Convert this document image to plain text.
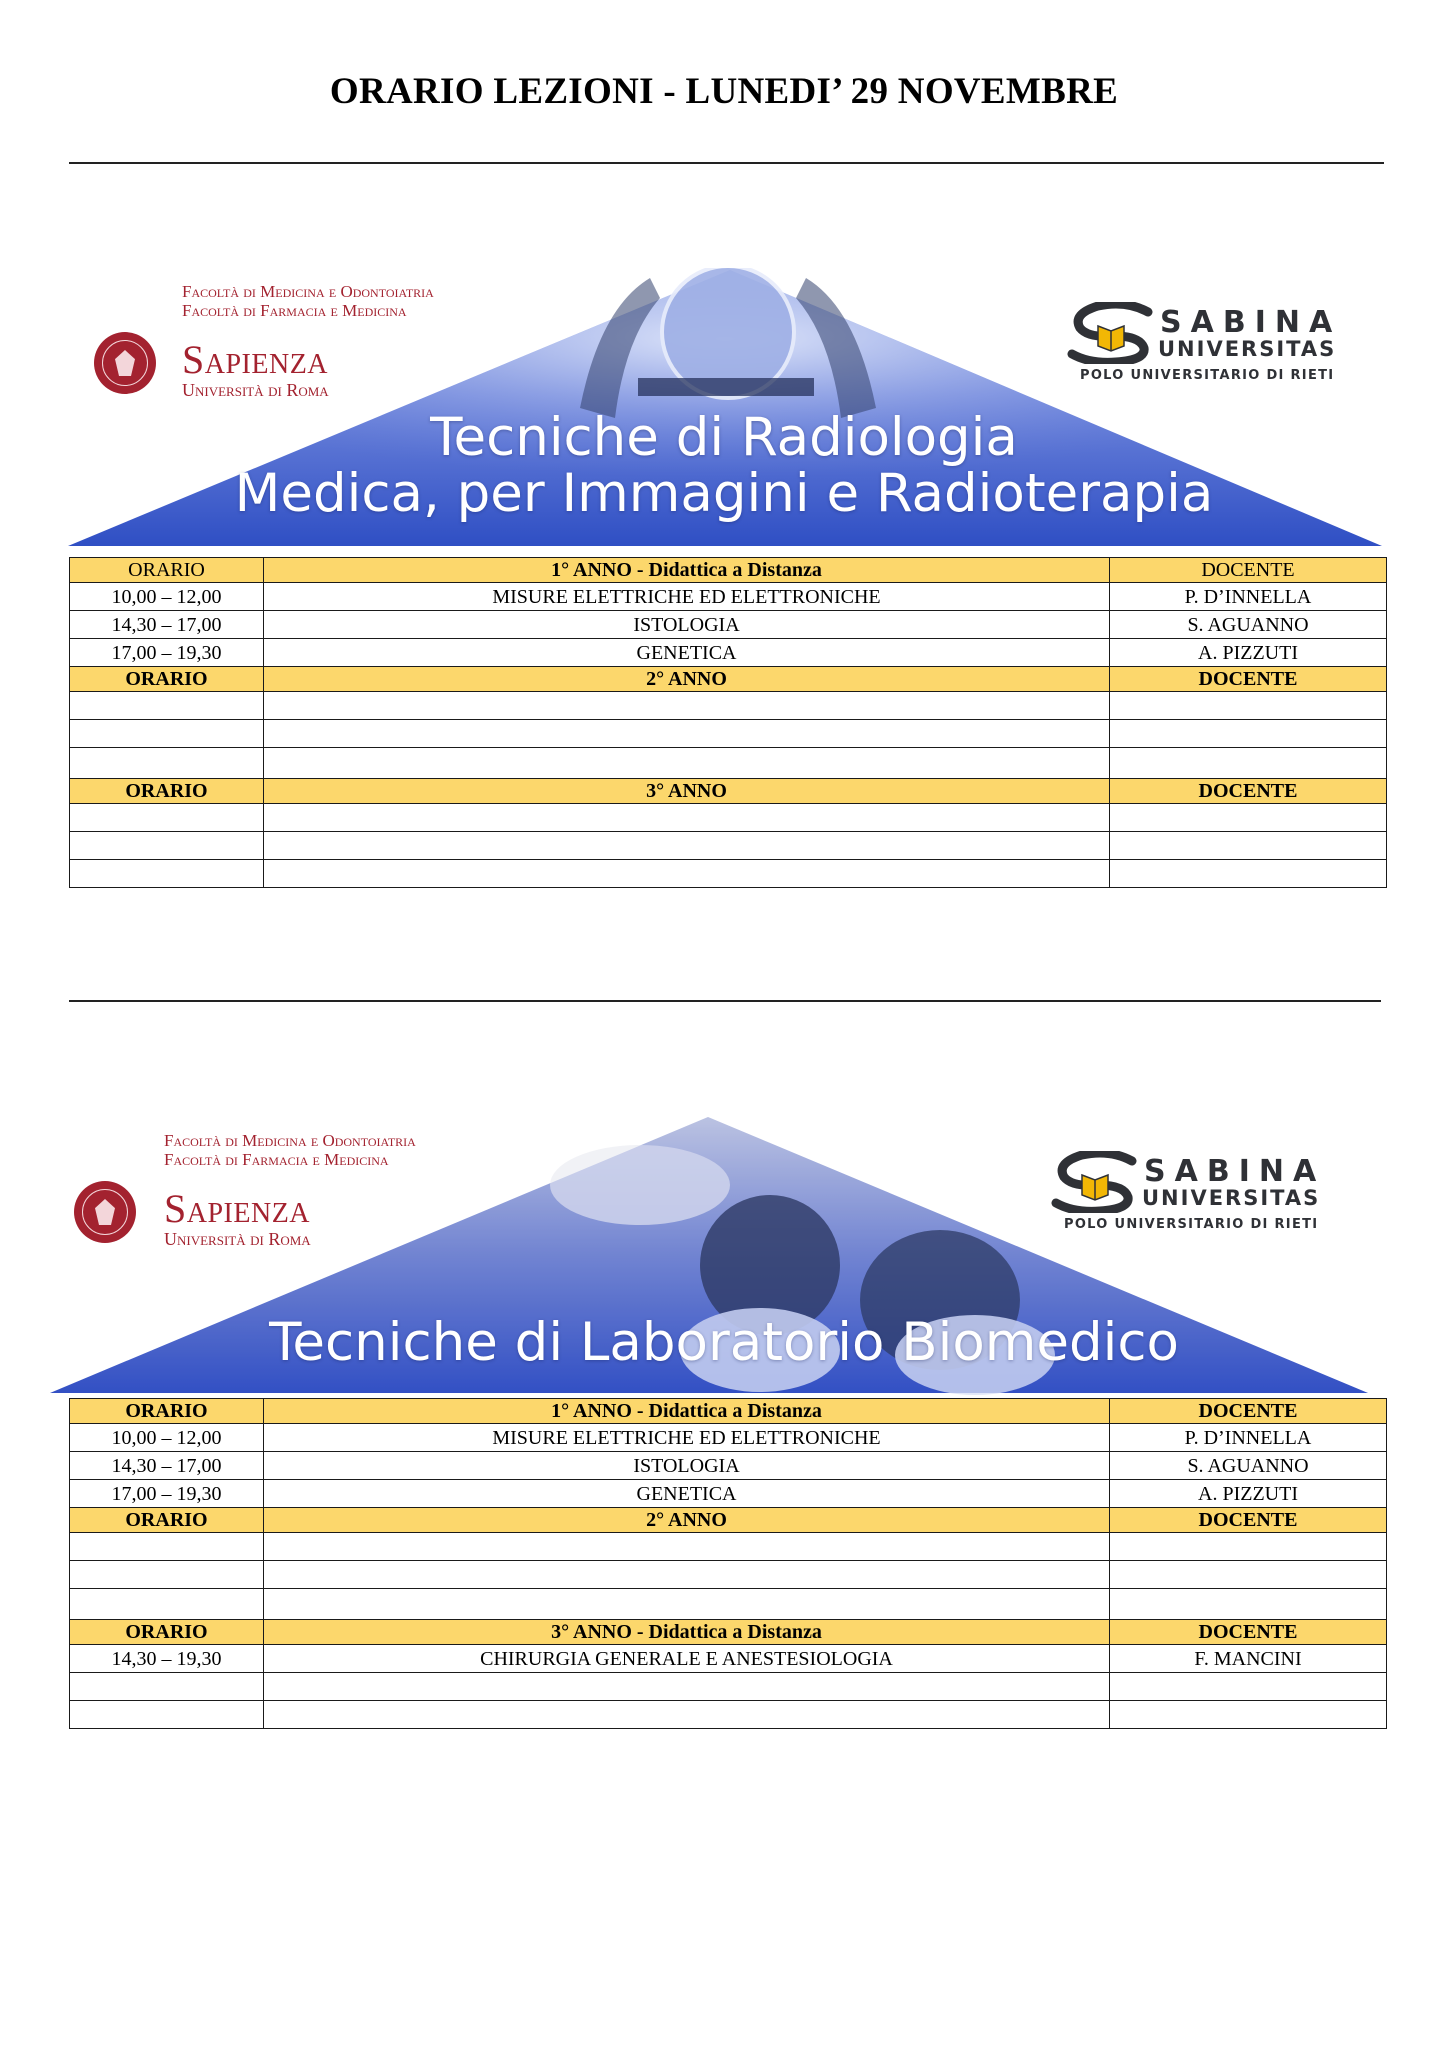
ORARIO LEZIONI - LUNEDI’ 29 NOVEMBRE
Tecniche di Radiologia
Medica, per Immagini e Radioterapia
Facoltà di Medicina e Odontoiatria
Facoltà di Farmacia e Medicina
Sapienza
Università di Roma
SABINA
UNIVERSITAS
POLO UNIVERSITARIO DI RIETI
ORARIO	1° ANNO - Didattica a Distanza	DOCENTE
10,00 – 12,00	MISURE ELETTRICHE ED ELETTRONICHE	P. D’INNELLA
14,30 – 17,00	ISTOLOGIA	S. AGUANNO
17,00 – 19,30	GENETICA	A. PIZZUTI
ORARIO	2° ANNO	DOCENTE

ORARIO	3° ANNO	DOCENTE

Tecniche di Laboratorio Biomedico
Facoltà di Medicina e Odontoiatria
Facoltà di Farmacia e Medicina
Sapienza
Università di Roma
SABINA
UNIVERSITAS
POLO UNIVERSITARIO DI RIETI
ORARIO	1° ANNO - Didattica a Distanza	DOCENTE
10,00 – 12,00	MISURE ELETTRICHE ED ELETTRONICHE	P. D’INNELLA
14,30 – 17,00	ISTOLOGIA	S. AGUANNO
17,00 – 19,30	GENETICA	A. PIZZUTI
ORARIO	2° ANNO	DOCENTE

ORARIO	3° ANNO - Didattica a Distanza	DOCENTE
14,30 – 19,30	CHIRURGIA GENERALE E ANESTESIOLOGIA	F. MANCINI
